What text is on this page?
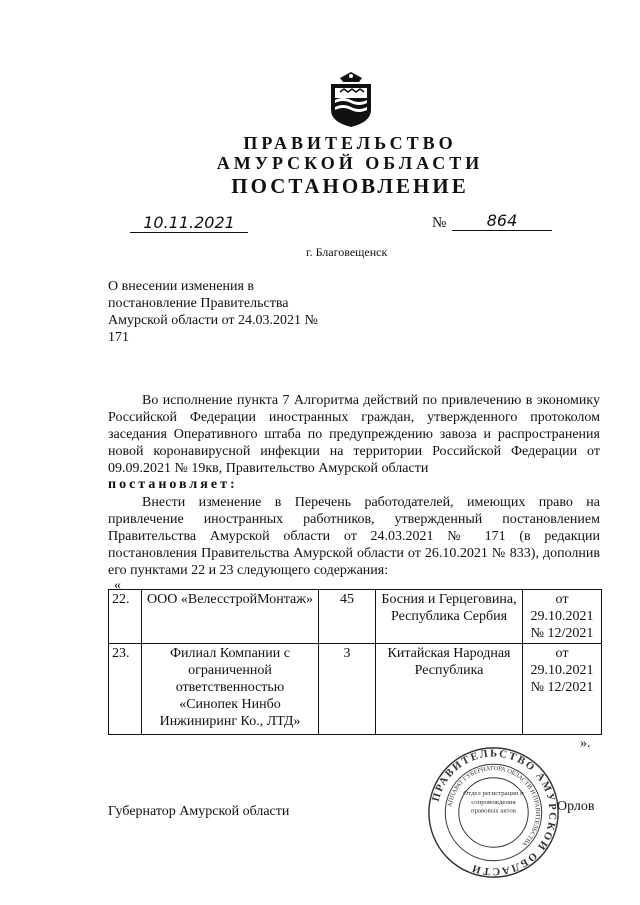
ПРАВИТЕЛЬСТВО
АМУРСКОЙ ОБЛАСТИ
ПОСТАНОВЛЕНИЕ
10.11.2021	№	864
г. Благовещенск
О внесении изменения в постановление Правительства Амурской области от 24.03.2021 № 171
Во исполнение пункта 7 Алгоритма действий по привлечению в экономику Российской Федерации иностранных граждан, утвержденного протоколом заседания Оперативного штаба по предупреждению завоза и распространения новой коронавирусной инфекции на территории Российской Федерации от 09.09.2021 № 19кв, Правительство Амурской области
постановляет:
Внести изменение в Перечень работодателей, имеющих право на привлечение иностранных работников, утвержденный постановлением Правительства Амурской области от 24.03.2021 № 171 (в редакции постановления Правительства Амурской области от 26.10.2021 № 833), дополнив его пунктами 22 и 23 следующего содержания:
«
22.	ООО «ВелесстройМонтаж»	45	Босния и Герцеговина, Республика Сербия	от 29.10.2021 № 12/2021
23.	Филиал Компании с ограниченной ответственностью «Синопек Нинбо Инжиниринг Ко., ЛТД»	3	Китайская Народная Республика	от 29.10.2021 № 12/2021
».
Губернатор Амурской области	Орлов
ПРАВИТЕЛЬСТВО АМУРСКОЙ ОБЛАСТИ
АППАРАТ ГУБЕРНАТОРА ОБЛАСТИ И ПРАВИТЕЛЬСТВА
Отдел регистрации и сопровождения правовых актов
